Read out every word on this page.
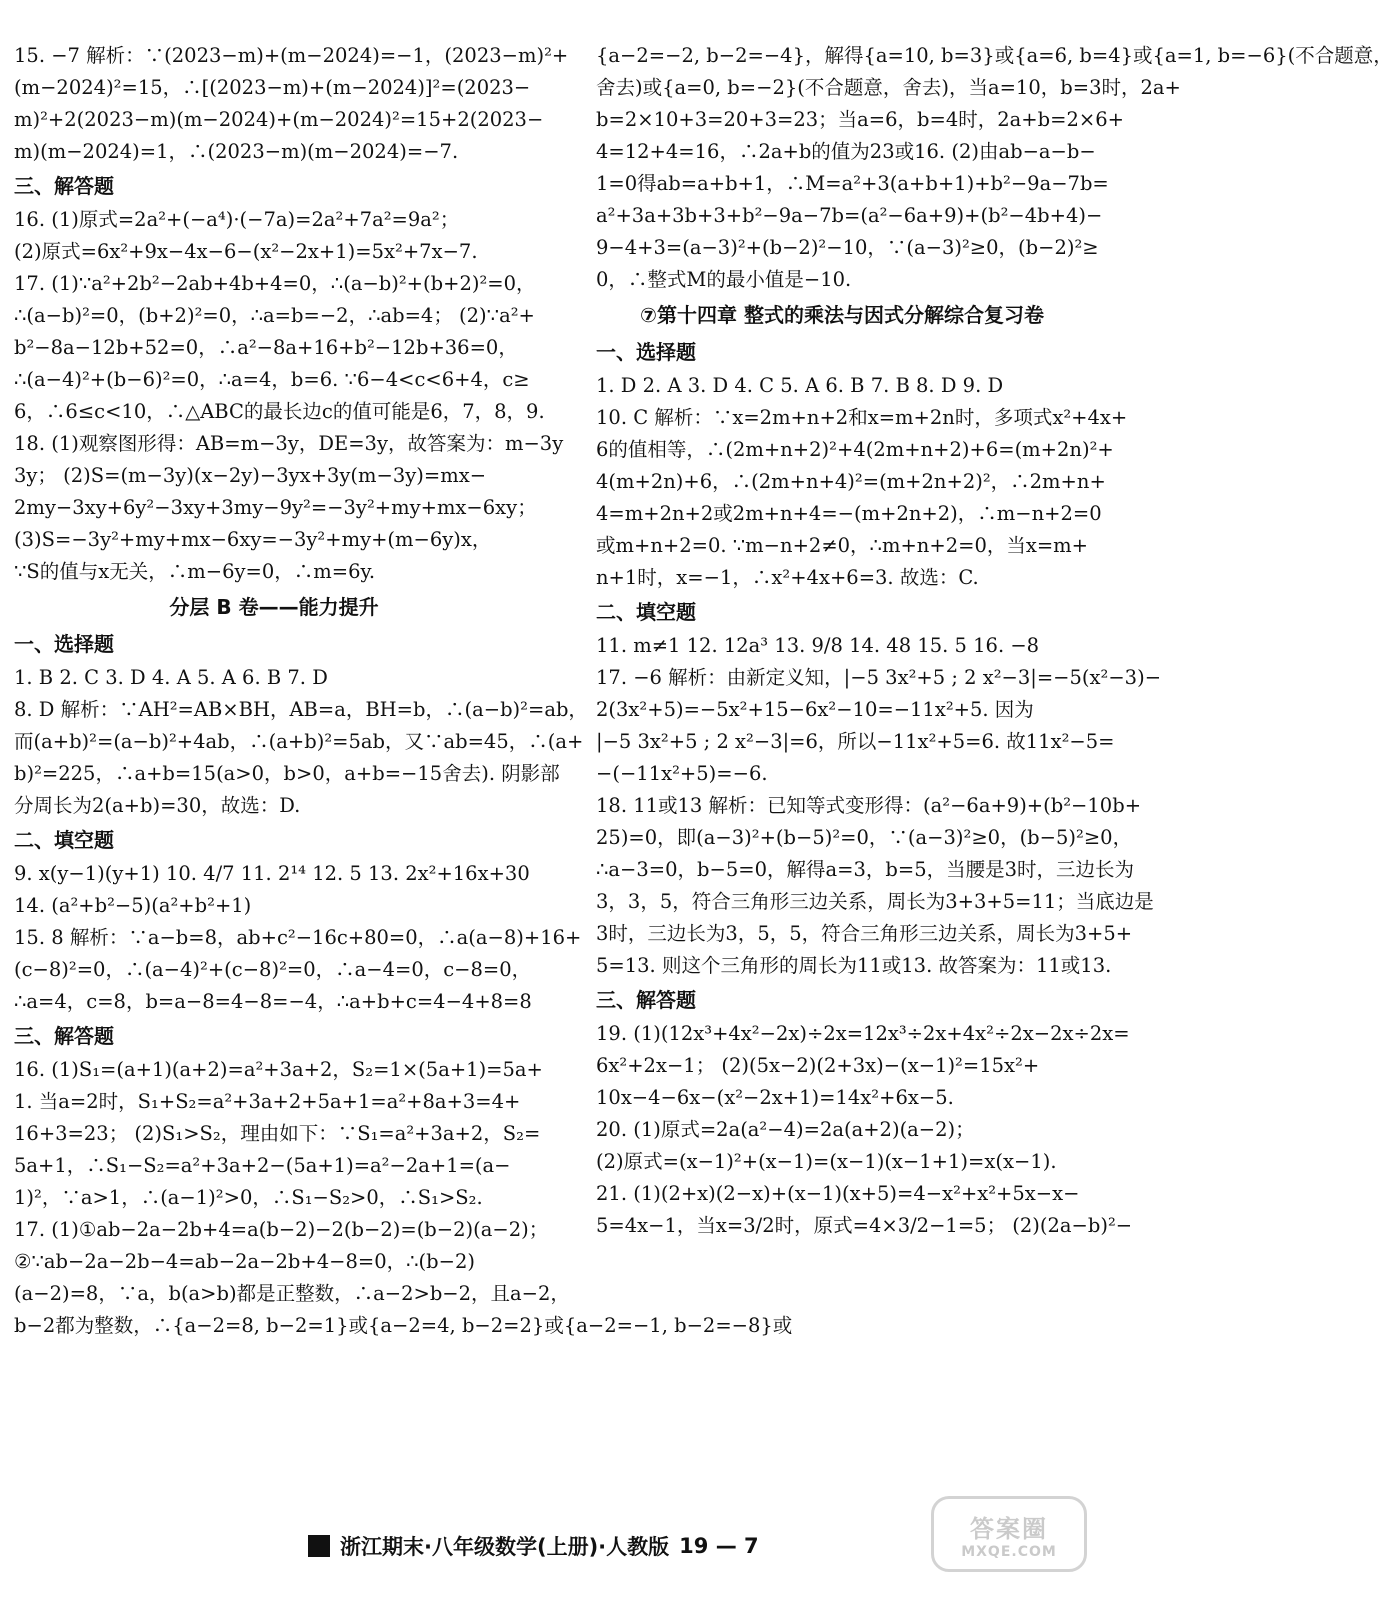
15. −7 解析：∵(2023−m)+(m−2024)=−1，(2023−m)²+
(m−2024)²=15，∴[(2023−m)+(m−2024)]²=(2023−
m)²+2(2023−m)(m−2024)+(m−2024)²=15+2(2023−
m)(m−2024)=1，∴(2023−m)(m−2024)=−7.
三、解答题
16. (1)原式=2a²+(−a⁴)·(−7a)=2a²+7a²=9a²；
(2)原式=6x²+9x−4x−6−(x²−2x+1)=5x²+7x−7.
17. (1)∵a²+2b²−2ab+4b+4=0，∴(a−b)²+(b+2)²=0，
∴(a−b)²=0，(b+2)²=0，∴a=b=−2，∴ab=4； (2)∵a²+
b²−8a−12b+52=0，∴a²−8a+16+b²−12b+36=0，
∴(a−4)²+(b−6)²=0，∴a=4，b=6. ∵6−4<c<6+4，c≥
6，∴6≤c<10，∴△ABC的最长边c的值可能是6，7，8，9.
18. (1)观察图形得：AB=m−3y，DE=3y，故答案为：m−3y
3y； (2)S=(m−3y)(x−2y)−3yx+3y(m−3y)=mx−
2my−3xy+6y²−3xy+3my−9y²=−3y²+my+mx−6xy；
(3)S=−3y²+my+mx−6xy=−3y²+my+(m−6y)x，
∵S的值与x无关，∴m−6y=0，∴m=6y.
分层 B 卷——能力提升
一、选择题
1. B 2. C 3. D 4. A 5. A 6. B 7. D
8. D 解析：∵AH²=AB×BH，AB=a，BH=b，∴(a−b)²=ab，
而(a+b)²=(a−b)²+4ab，∴(a+b)²=5ab，又∵ab=45，∴(a+
b)²=225，∴a+b=15(a>0，b>0，a+b=−15舍去). 阴影部
分周长为2(a+b)=30，故选：D.
二、填空题
9. x(y−1)(y+1) 10. 4/7 11. 2¹⁴ 12. 5 13. 2x²+16x+30
14. (a²+b²−5)(a²+b²+1)
15. 8 解析：∵a−b=8，ab+c²−16c+80=0，∴a(a−8)+16+
(c−8)²=0，∴(a−4)²+(c−8)²=0，∴a−4=0，c−8=0，
∴a=4，c=8，b=a−8=4−8=−4，∴a+b+c=4−4+8=8
三、解答题
16. (1)S₁=(a+1)(a+2)=a²+3a+2，S₂=1×(5a+1)=5a+
1. 当a=2时，S₁+S₂=a²+3a+2+5a+1=a²+8a+3=4+
16+3=23； (2)S₁>S₂，理由如下：∵S₁=a²+3a+2，S₂=
5a+1，∴S₁−S₂=a²+3a+2−(5a+1)=a²−2a+1=(a−
1)²，∵a>1，∴(a−1)²>0，∴S₁−S₂>0，∴S₁>S₂.
17. (1)①ab−2a−2b+4=a(b−2)−2(b−2)=(b−2)(a−2)；
②∵ab−2a−2b−4=ab−2a−2b+4−8=0，∴(b−2)
(a−2)=8，∵a，b(a>b)都是正整数，∴a−2>b−2，且a−2，
b−2都为整数，∴{a−2=8, b−2=1}或{a−2=4, b−2=2}或{a−2=−1, b−2=−8}或
{a−2=−2, b−2=−4}，解得{a=10, b=3}或{a=6, b=4}或{a=1, b=−6}(不合题意，
舍去)或{a=0, b=−2}(不合题意，舍去)，当a=10，b=3时，2a+
b=2×10+3=20+3=23；当a=6，b=4时，2a+b=2×6+
4=12+4=16，∴2a+b的值为23或16. (2)由ab−a−b−
1=0得ab=a+b+1，∴M=a²+3(a+b+1)+b²−9a−7b=
a²+3a+3b+3+b²−9a−7b=(a²−6a+9)+(b²−4b+4)−
9−4+3=(a−3)²+(b−2)²−10，∵(a−3)²≥0，(b−2)²≥
0，∴整式M的最小值是−10.
⑦第十四章 整式的乘法与因式分解综合复习卷
一、选择题
1. D 2. A 3. D 4. C 5. A 6. B 7. B 8. D 9. D
10. C 解析：∵x=2m+n+2和x=m+2n时，多项式x²+4x+
6的值相等，∴(2m+n+2)²+4(2m+n+2)+6=(m+2n)²+
4(m+2n)+6，∴(2m+n+4)²=(m+2n+2)²，∴2m+n+
4=m+2n+2或2m+n+4=−(m+2n+2)，∴m−n+2=0
或m+n+2=0. ∵m−n+2≠0，∴m+n+2=0，当x=m+
n+1时，x=−1，∴x²+4x+6=3. 故选：C.
二、填空题
11. m≠1 12. 12a³ 13. 9/8 14. 48 15. 5 16. −8
17. −6 解析：由新定义知，|−5 3x²+5 ; 2 x²−3|=−5(x²−3)−
2(3x²+5)=−5x²+15−6x²−10=−11x²+5. 因为
|−5 3x²+5 ; 2 x²−3|=6，所以−11x²+5=6. 故11x²−5=
−(−11x²+5)=−6.
18. 11或13 解析：已知等式变形得：(a²−6a+9)+(b²−10b+
25)=0，即(a−3)²+(b−5)²=0，∵(a−3)²≥0，(b−5)²≥0，
∴a−3=0，b−5=0，解得a=3，b=5，当腰是3时，三边长为
3，3，5，符合三角形三边关系，周长为3+3+5=11；当底边是
3时，三边长为3，5，5，符合三角形三边关系，周长为3+5+
5=13. 则这个三角形的周长为11或13. 故答案为：11或13.
三、解答题
19. (1)(12x³+4x²−2x)÷2x=12x³÷2x+4x²÷2x−2x÷2x=
6x²+2x−1； (2)(5x−2)(2+3x)−(x−1)²=15x²+
10x−4−6x−(x²−2x+1)=14x²+6x−5.
20. (1)原式=2a(a²−4)=2a(a+2)(a−2)；
(2)原式=(x−1)²+(x−1)=(x−1)(x−1+1)=x(x−1).
21. (1)(2+x)(2−x)+(x−1)(x+5)=4−x²+x²+5x−x−
5=4x−1，当x=3/2时，原式=4×3/2−1=5； (2)(2a−b)²−
浙江期末·八年级数学(上册)·人教版 19 — 7
答案圈
MXQE.COM
